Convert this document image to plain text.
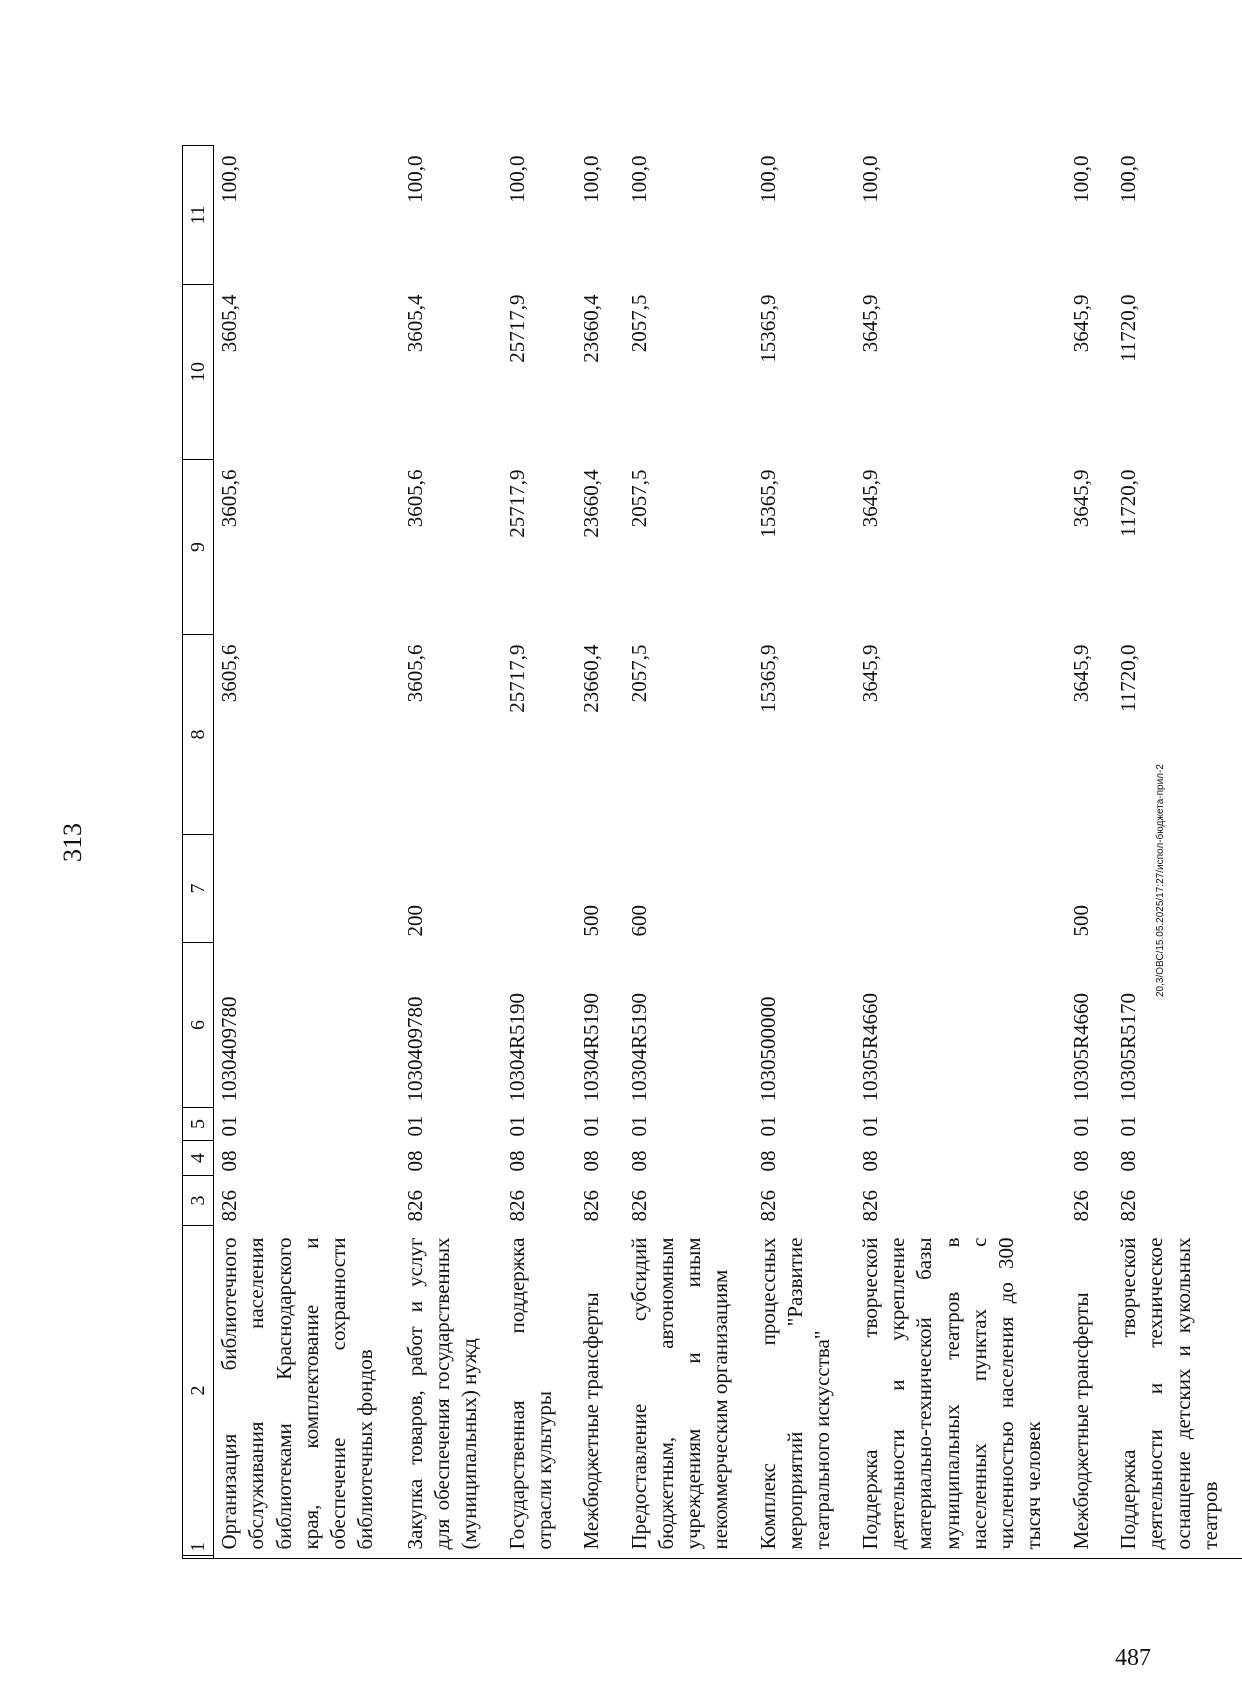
313
1	2	3	4	5	6	7	8	9	10	11
	Организация библиотечного обслуживания населения библиотеками Краснодарского края, комплектование и обеспечение сохранности библиотечных фондов	826	08	01	1030409780		3605,6	3605,6	3605,4	100,0
	Закупка товаров, работ и услуг для обеспечения государственных (муниципальных) нужд	826	08	01	1030409780	200	3605,6	3605,6	3605,4	100,0
	Государственная поддержка отрасли культуры	826	08	01	10304R5190		25717,9	25717,9	25717,9	100,0
	Межбюджетные трансферты	826	08	01	10304R5190	500	23660,4	23660,4	23660,4	100,0
	Предоставление субсидий бюджетным, автономным учреждениям и иным некоммерческим организациям	826	08	01	10304R5190	600	2057,5	2057,5	2057,5	100,0
	Комплекс процессных мероприятий "Развитие театрального искусства"	826	08	01	1030500000		15365,9	15365,9	15365,9	100,0
	Поддержка творческой деятельности и укрепление материально-технической базы муниципальных театров в населенных пунктах с численностью населения до 300 тысяч человек	826	08	01	10305R4660		3645,9	3645,9	3645,9	100,0
	Межбюджетные трансферты	826	08	01	10305R4660	500	3645,9	3645,9	3645,9	100,0
	Поддержка творческой деятельности и техническое оснащение детских и кукольных театров	826	08	01	10305R5170		11720,0	11720,0	11720,0	100,0
20,3/ОВС/15.05.2025/17:27/испол-бюджета-прил-2
487
